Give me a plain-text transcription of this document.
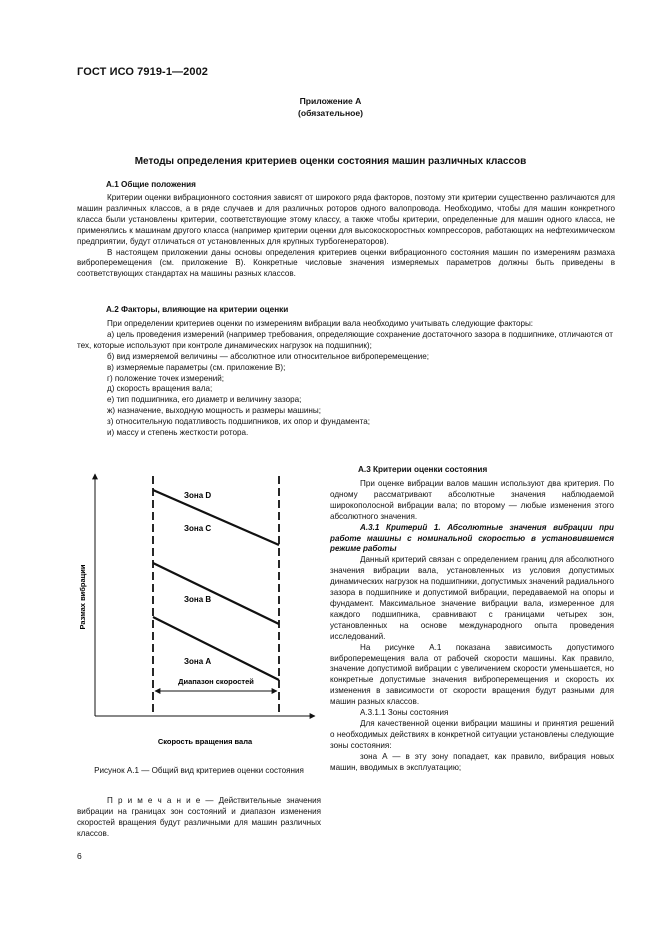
ГОСТ ИСО 7919-1—2002
Приложение А
(обязательное)
Методы определения критериев оценки состояния машин различных классов
А.1 Общие положения

Критерии оценки вибрационного состояния зависят от широкого ряда факторов, поэтому эти критерии существенно различаются для машин различных классов, а в ряде случаев и для различных роторов одного валопровода. Необходимо, чтобы для машин конкретного класса были установлены критерии, соответствующие этому классу, а также чтобы критерии, определенные для машин одного класса, не применялись к машинам другого класса (например критерии оценки для высокоскоростных компрессоров, работающих на нефтехимическом предприятии, будут отличаться от установленных для крупных турбогенераторов).

В настоящем приложении даны основы определения критериев оценки вибрационного состояния машин по измерениям размаха виброперемещения (см. приложение В). Конкретные числовые значения измеряемых параметров должны быть приведены в соответствующих стандартах на машины разных классов.

А.2 Факторы, влияющие на критерии оценки
При определении критериев оценки по измерениям вибрации вала необходимо учитывать следующие факторы:
а) цель проведения измерений (например требования, определяющие сохранение достаточного зазора в подшипнике, отличаются от тех, которые используют при контроле динамических нагрузок на подшипник);
б) вид измеряемой величины — абсолютное или относительное виброперемещение;
в) измеряемые параметры (см. приложение В);
г) положение точек измерений;
д) скорость вращения вала;
е) тип подшипника, его диаметр и величину зазора;
ж) назначение, выходную мощность и размеры машины;
з) относительную податливость подшипников, их опор и фундамента;
и) массу и степень жесткости ротора.
Зона D
Зона C
Зона B
Зона A
Диапазон скоростей
Скорость вращения вала
Размах вибрации
Рисунок А.1 — Общий вид критериев оценки состояния

П р и м е ч а н и е — Действительные значения вибрации на границах зон состояний и диапазон изменения скоростей вращения будут различными для машин различных классов.

А.3 Критерии оценки состояния

При оценке вибрации валов машин используют два критерия. По одному рассматривают абсолютные значения наблюдаемой широкополосной вибрации вала; по второму — любые изменения этого абсолютного значения.

А.3.1 Критерий 1. Абсолютные значения вибрации при работе машины с номинальной скоростью в установившемся режиме работы

Данный критерий связан с определением границ для абсолютного значения вибрации вала, установленных из условия допустимых динамических нагрузок на подшипники, допустимых значений радиального зазора в подшипнике и допустимой вибрации, передаваемой на опоры и фундамент. Максимальное значение вибрации вала, измеренное для каждого подшипника, сравнивают с границами четырех зон, установленных на основе международного опыта проведения исследований.

На рисунке А.1 показана зависимость допустимого виброперемещения вала от рабочей скорости машины. Как правило, значение допустимой вибрации с увеличением скорости уменьшается, но конкретные допустимые значения виброперемещения и скорость их изменения в зависимости от скорости вращения будут разными для машин разных классов.

А.3.1.1 Зоны состояния

Для качественной оценки вибрации машины и принятия решений о необходимых действиях в конкретной ситуации установлены следующие зоны состояния:

зона А — в эту зону попадает, как правило, вибрация новых машин, вводимых в эксплуатацию;

6
